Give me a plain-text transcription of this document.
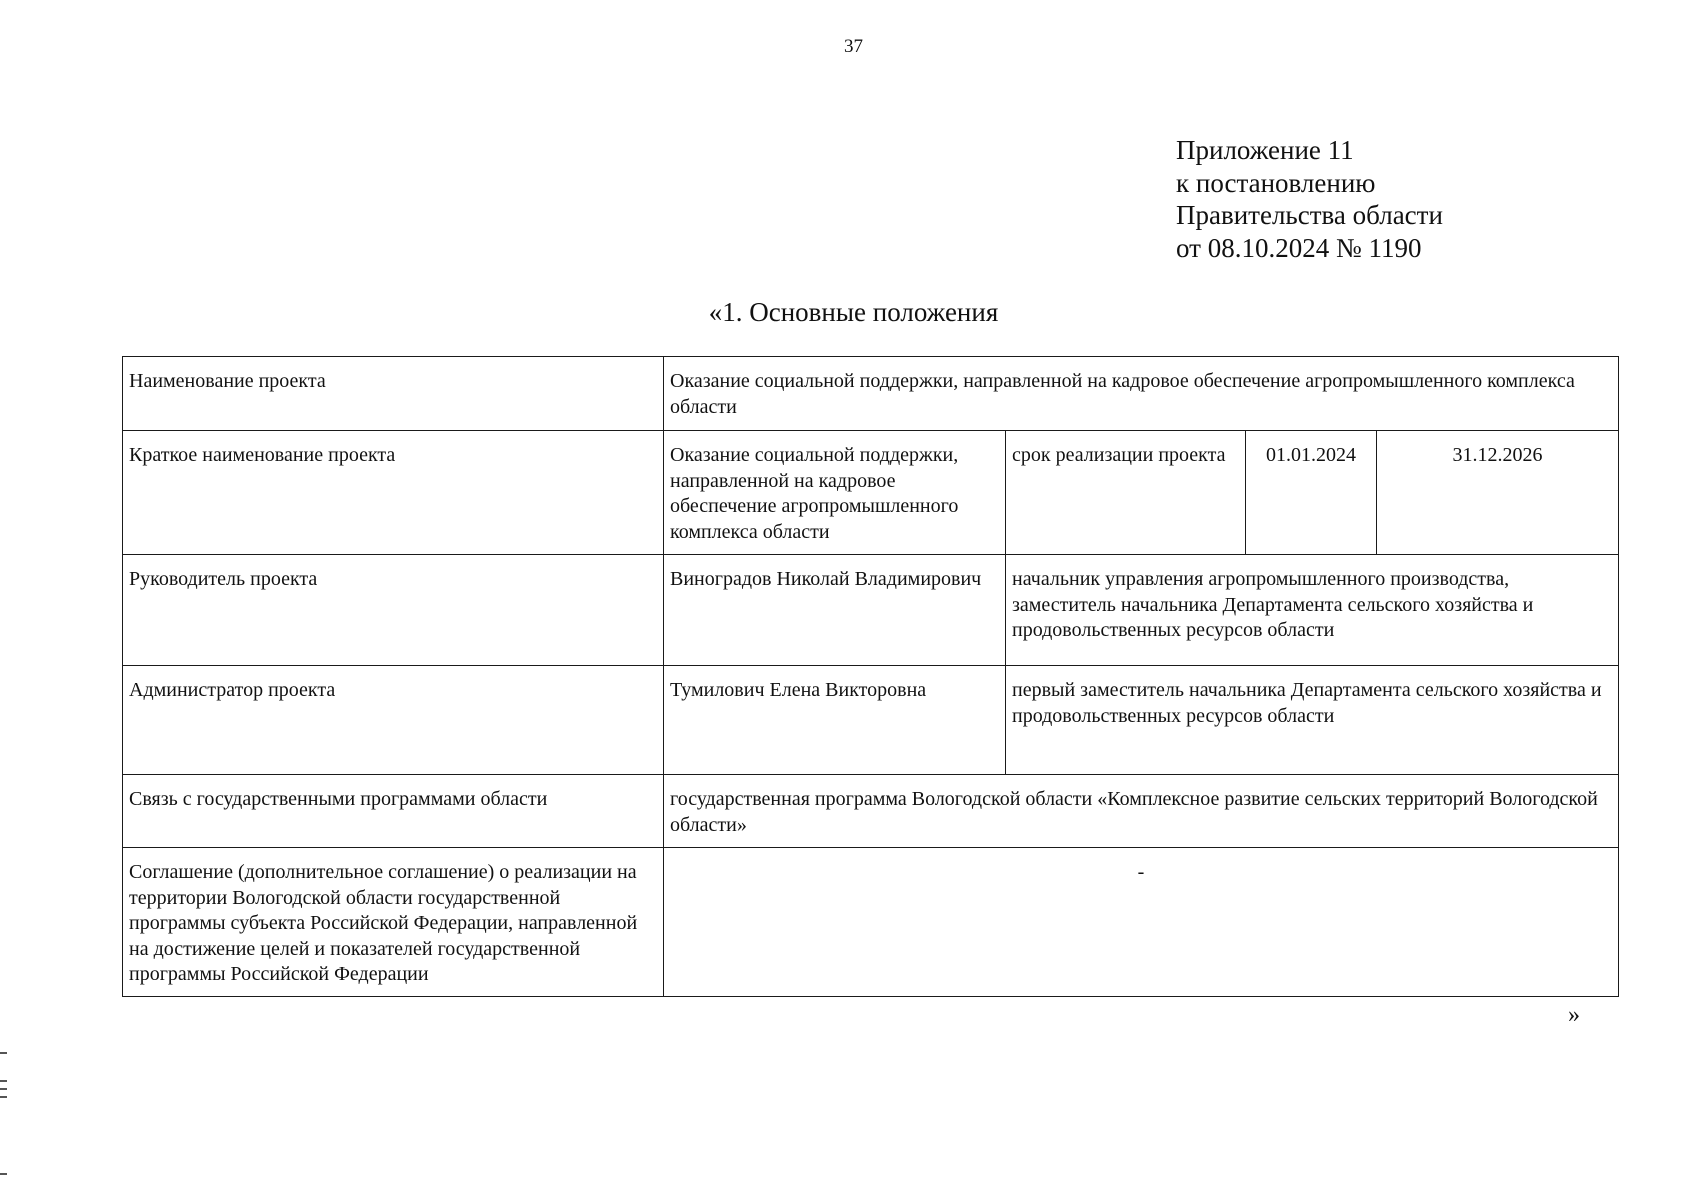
37
Приложение 11
к постановлению
Правительства области
от 08.10.2024 № 1190
«1. Основные положения
Наименование проекта	Оказание социальной поддержки, направленной на кадровое обеспечение агропромышленного комплекса области			
Краткое наименование проекта	Оказание социальной поддержки, направленной на кадровое обеспечение агропромышленного комплекса области	срок реализации проекта	01.01.2024	31.12.2026
Руководитель проекта	Виноградов Николай Владимирович	начальник управления агропромышленного производства, заместитель начальника Департамента сельского хозяйства и продовольственных ресурсов области		
Администратор проекта	Тумилович Елена Викторовна	первый заместитель начальника Департамента сельского хозяйства и продовольственных ресурсов области		
Связь с государственными программами области	государственная программа Вологодской области «Комплексное развитие сельских территорий Вологодской области»			
Соглашение (дополнительное соглашение) о реализации на территории Вологодской области государственной программы субъекта Российской Федерации, направленной на достижение целей и показателей государственной программы Российской Федерации	-			
»
